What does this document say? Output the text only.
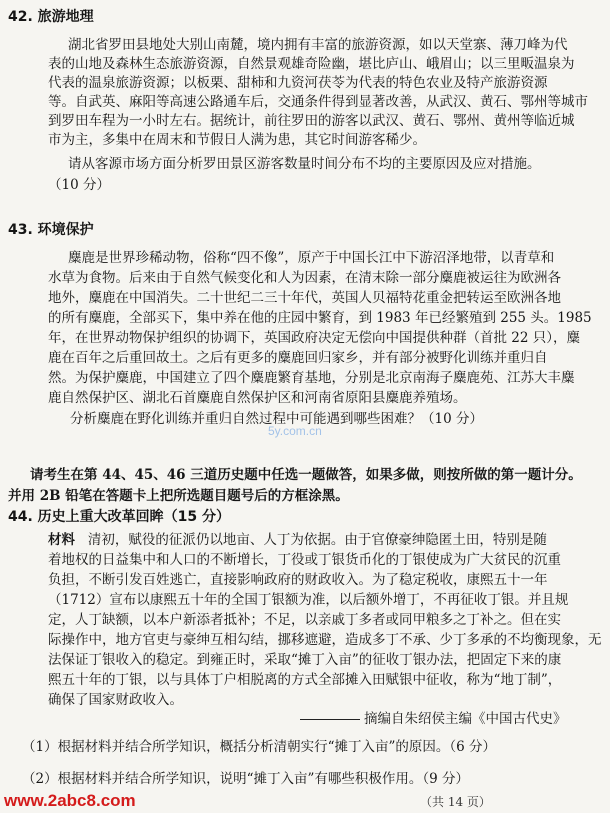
42. 旅游地理
湖北省罗田县地处大别山南麓，境内拥有丰富的旅游资源，如以天堂寨、薄刀峰为代
表的山地及森林生态旅游资源，自然景观雄奇险幽，堪比庐山、峨眉山；以三里畈温泉为
代表的温泉旅游资源；以板栗、甜柿和九资河茯苓为代表的特色农业及特产旅游资源
等。自武英、麻阳等高速公路通车后，交通条件得到显著改善，从武汉、黄石、鄂州等城市
到罗田车程为一小时左右。据统计，前往罗田的游客以武汉、黄石、鄂州、黄州等临近城
市为主，多集中在周末和节假日人满为患，其它时间游客稀少。
请从客源市场方面分析罗田景区游客数量时间分布不均的主要原因及应对措施。
（10 分）
43. 环境保护
麋鹿是世界珍稀动物，俗称“四不像”，原产于中国长江中下游沼泽地带，以青草和
水草为食物。后来由于自然气候变化和人为因素，在清末除一部分麋鹿被运往为欧洲各
地外，麋鹿在中国消失。二十世纪二三十年代，英国人贝福特花重金把转运至欧洲各地
的所有麋鹿，全部买下，集中养在他的庄园中繁育，到 1983 年已经繁殖到 255 头。1985
年，在世界动物保护组织的协调下，英国政府决定无偿向中国提供种群（首批 22 只），麋
鹿在百年之后重回故土。之后有更多的麋鹿回归家乡，并有部分被野化训练并重归自
然。为保护麋鹿，中国建立了四个麋鹿繁育基地，分别是北京南海子麋鹿苑、江苏大丰麋
鹿自然保护区、湖北石首麋鹿自然保护区和河南省原阳县麋鹿养殖场。
分析麋鹿在野化训练并重归自然过程中可能遇到哪些困难？（10 分）
5y.com.cn
请考生在第 44、45、46 三道历史题中任选一题做答，如果多做，则按所做的第一题计分。
并用 2B 铅笔在答题卡上把所选题目题号后的方框涂黑。
44. 历史上重大改革回眸（15 分）
材料 清初，赋役的征派仍以地亩、人丁为依据。由于官僚豪绅隐匿土田，特别是随
着地权的日益集中和人口的不断增长，丁役或丁银货币化的丁银使成为广大贫民的沉重
负担，不断引发百姓逃亡，直接影响政府的财政收入。为了稳定税收，康熙五十一年
（1712）宣布以康熙五十年的全国丁银额为准，以后额外增丁，不再征收丁银。并且规
定，人丁缺额，以本户新添者抵补；不足，以亲戚丁多者或同甲粮多之丁补之。但在实
际操作中，地方官吏与豪绅互相勾结，挪移遮避，造成多丁不承、少丁多承的不均衡现象，无
法保证丁银收入的稳定。到雍正时，采取“摊丁入亩”的征收丁银办法，把固定下来的康
熙五十年的丁银，以与具体丁户相脱离的方式全部摊入田赋银中征收，称为“地丁制”，
确保了国家财政收入。
摘编自朱绍侯主编《中国古代史》
（1）根据材料并结合所学知识，概括分析清朝实行“摊丁入亩”的原因。（6 分）
（2）根据材料并结合所学知识，说明“摊丁入亩”有哪些积极作用。（9 分）
www.2abc8.com	（共 14 页）
